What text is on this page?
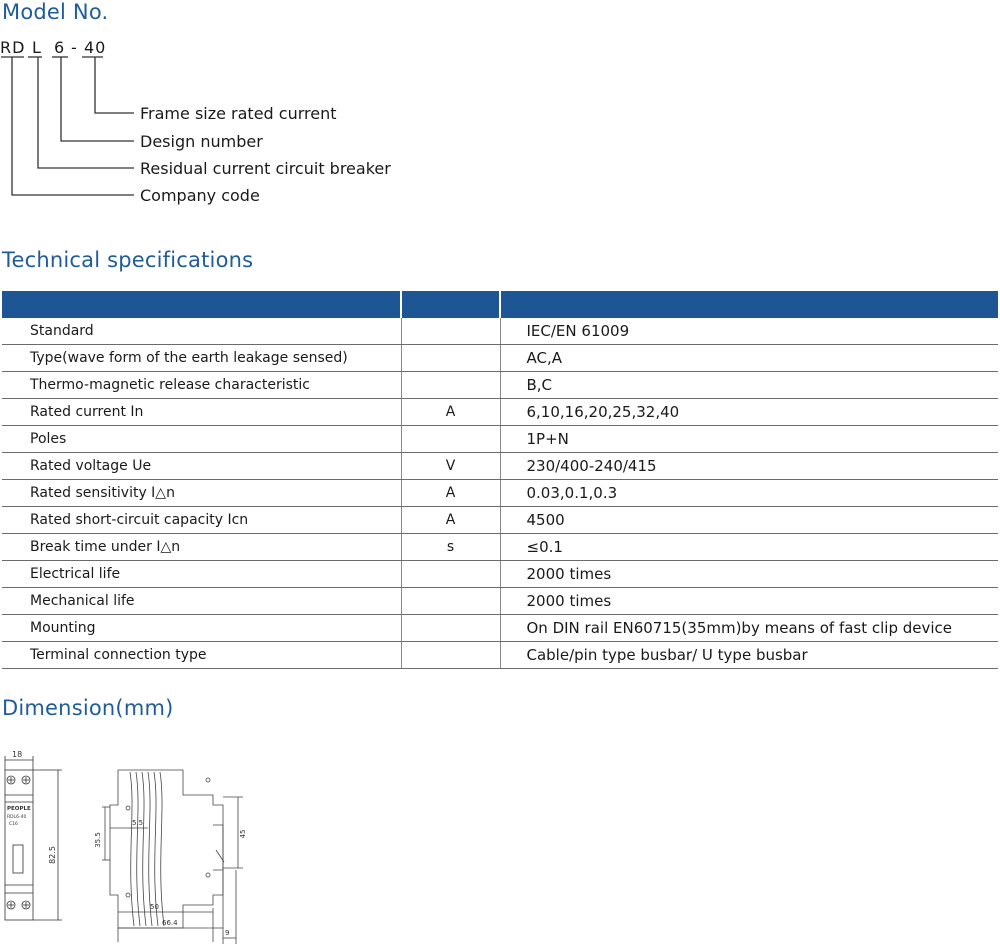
Model No.
RD L 6 - 40
Frame size rated current
Design number
Residual current circuit breaker
Company code
Technical specifications

Standard		IEC/EN 61009
Type(wave form of the earth leakage sensed)		AC,A
Thermo-magnetic release characteristic		B,C
Rated current In	A	6,10,16,20,25,32,40
Poles		1P+N
Rated voltage Ue	V	230/400-240/415
Rated sensitivity I△n	A	0.03,0.1,0.3
Rated short-circuit capacity Icn	A	4500
Break time under I△n	s	≤0.1
Electrical life		2000 times
Mechanical life		2000 times
Mounting		On DIN rail EN60715(35mm)by means of fast clip device
Terminal connection type		Cable/pin type busbar/ U type busbar
Dimension(mm)
18
PEOPLE
RDL6-40
C16
82.5
35.5
5.5
45
50
66.4
9
